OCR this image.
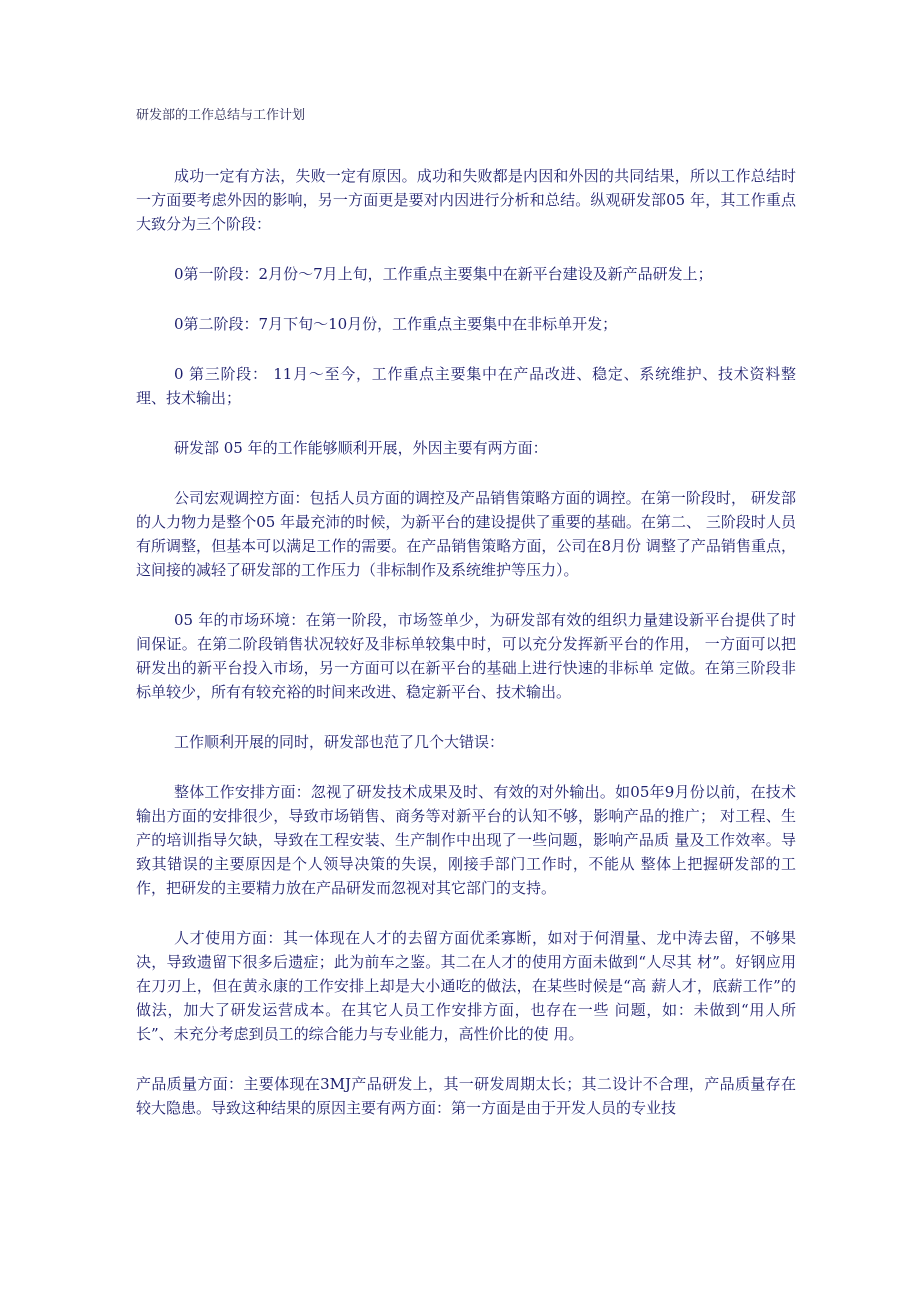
研发部的工作总结与工作计划

成功一定有方法，失败一定有原因。成功和失败都是内因和外因的共同结果，所以工作总结时一方面要考虑外因的影响，另一方面更是要对内因进行分析和总结。纵观研发部05 年，其工作重点大致分为三个阶段：

0第一阶段：2月份〜7月上旬，工作重点主要集中在新平台建设及新产品研发上；

0第二阶段：7月下旬〜10月份，工作重点主要集中在非标单开发；

0 第三阶段： 11月〜至今，工作重点主要集中在产品改进、稳定、系统维护、技术资料整理、技术输出；

研发部 05 年的工作能够顺利开展，外因主要有两方面：

公司宏观调控方面：包括人员方面的调控及产品销售策略方面的调控。在第一阶段时， 研发部的人力物力是整个05 年最充沛的时候，为新平台的建设提供了重要的基础。在第二、 三阶段时人员有所调整，但基本可以满足工作的需要。在产品销售策略方面，公司在8月份 调整了产品销售重点，这间接的减轻了研发部的工作压力（非标制作及系统维护等压力）。

05 年的市场环境：在第一阶段，市场签单少，为研发部有效的组织力量建设新平台提供了时间保证。在第二阶段销售状况较好及非标单较集中时，可以充分发挥新平台的作用， 一方面可以把研发出的新平台投入市场，另一方面可以在新平台的基础上进行快速的非标单 定做。在第三阶段非标单较少，所有有较充裕的时间来改进、稳定新平台、技术输出。

工作顺利开展的同时，研发部也范了几个大错误：

整体工作安排方面：忽视了研发技术成果及时、有效的对外输出。如05年9月份以前，在技术输出方面的安排很少，导致市场销售、商务等对新平台的认知不够，影响产品的推广； 对工程、生产的培训指导欠缺，导致在工程安装、生产制作中出现了一些问题，影响产品质 量及工作效率。导致其错误的主要原因是个人领导决策的失误，刚接手部门工作时，不能从 整体上把握研发部的工作，把研发的主要精力放在产品研发而忽视对其它部门的支持。

人才使用方面：其一体现在人才的去留方面优柔寡断，如对于何渭量、龙中涛去留，不够果决，导致遗留下很多后遗症；此为前车之鉴。其二在人才的使用方面未做到“人尽其 材”。好钢应用在刀刃上，但在黄永康的工作安排上却是大小通吃的做法，在某些时候是“高 薪人才，底薪工作”的做法，加大了研发运营成本。在其它人员工作安排方面，也存在一些 问题，如：未做到“用人所长”、未充分考虑到员工的综合能力与专业能力，高性价比的使 用。

产品质量方面：主要体现在3MJ产品研发上，其一研发周期太长；其二设计不合理，产品质量存在较大隐患。导致这种结果的原因主要有两方面：第一方面是由于开发人员的专业技
